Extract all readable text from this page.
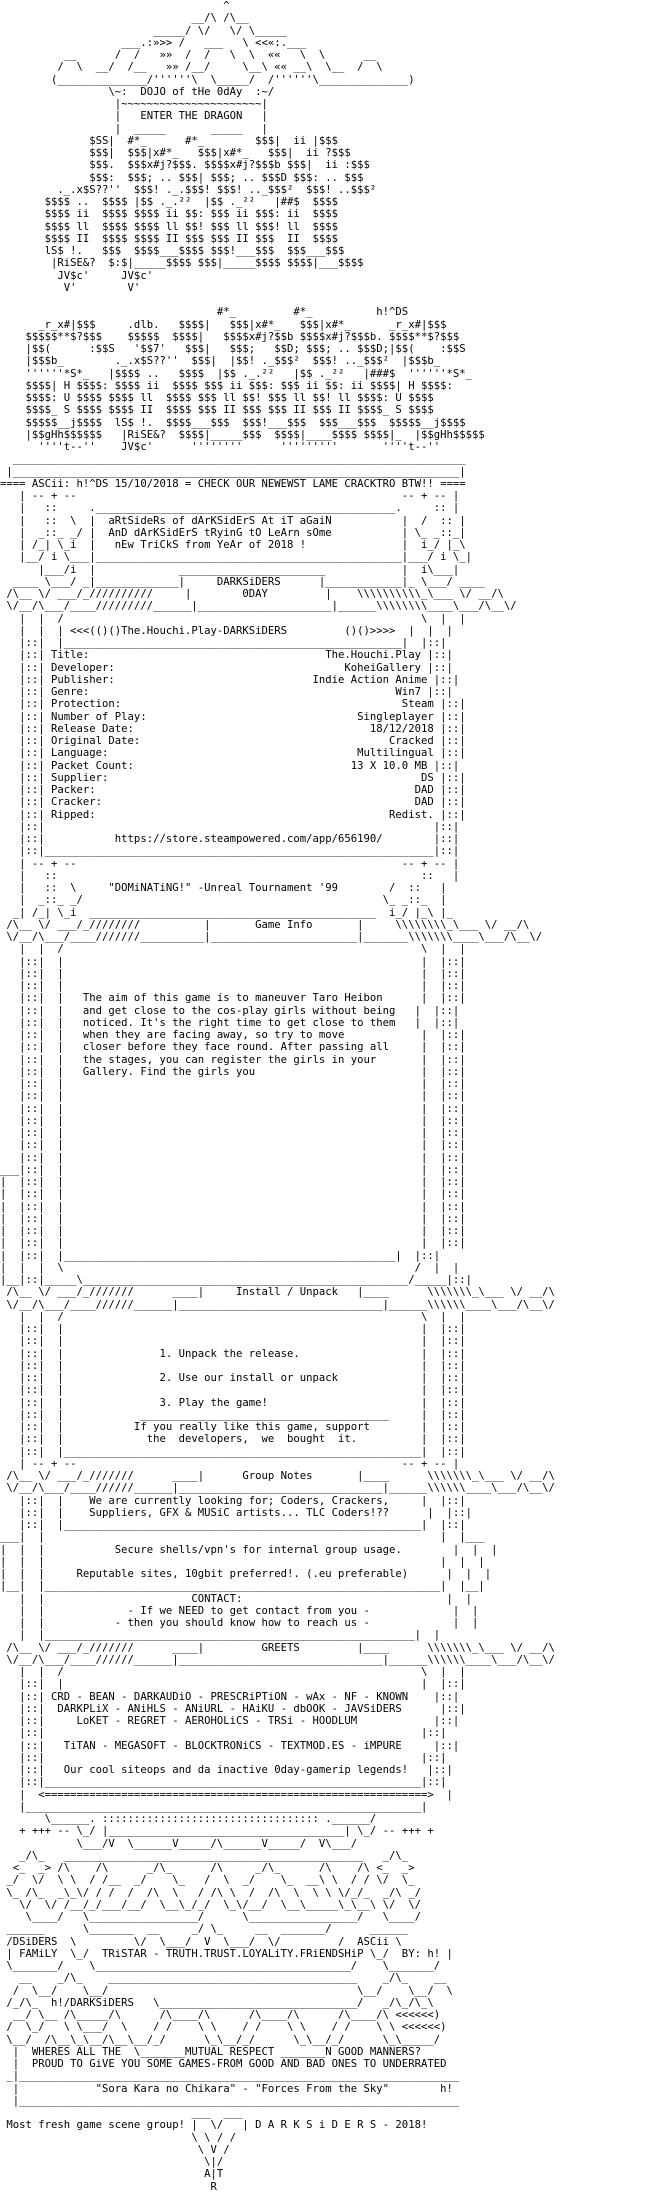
^
__/\ /\__
_____/ \/   \/ \_____
___.:»>> /   ___   \ <<«:.___
__      /  /   »»  /  /   \  \  ««   \  \      __
/  \  __/  /__   »» /__/     \__\ «« __\  \__  /  \
(______________/''''''\  \_____/  /''''''\______________)
\~:  DOJO of tHe 0dAy  :~/
|~~~~~~~~~~~~~~~~~~~~~~|
|   ENTER THE DRAGON   |
|  _____       _____   |
$SS|  #*_      #*_        $$$|  ii |$$$
$$$|  $$$|x#*_   $$$|x#*_   $$$|  ii ?$$$
$$$.  $$$x#j?$$$. $$$$x#j?$$$b $$$|  ii :$$$
$$$:  $$$; .. $$$| $$$; .. $$$D $$$: .. $$$
._.x$S??''  $$$! ._.$$$! $$$! .._$$$²  $$$! ..$$$²
$$$$ ..  $$$$ |$$ ._.²²  |$$ ._²²   |##$  $$$$
$$$$ ii  $$$$ $$$$ ii $$: $$$ ii $$$: ii  $$$$
$$$$ ll  $$$$ $$$$ ll $$! $$$ ll $$$! ll  $$$$
$$$$ II  $$$$ $$$$ II $$$ $$$ II $$$  II  $$$$
lS$ !.   $$$  $$$$___$$$$ $$$!___$$$  $$$___$$$
|RiSE&?  $:$|_____$$$$ $$$|_____$$$$ $$$$|___$$$$
JV$c'     JV$c'
V'        V'
#*_         #*_          h!^DS
_r_x#|$$$     .dlb.   $$$$|   $$$|x#*_   $$$|x#*_      _r_x#|$$$
$$$$$**$?$$$    $$$$$  $$$$|   $$$$x#j?$$b $$$$x#j?$$$b. $$$$**$?$$$
|$$(      :$$S   '$$7'   $$$|   $$$;   $$D; $$$; .. $$$D;|$$(    :$$S
|$$$b_        ._.x$S??''  $$$|  |$$! ._$$$²  $$$! .._$$$²  |$$$b_
''''''*S*_   |$$$$ ..   $$$$  |$$ ._.²²   |$$ ._²²   |###$  ''''''*S*_
$$$$| H $$$$: $$$$ ii  $$$$ $$$ ii $$$: $$$ ii $$: ii $$$$| H $$$$:
$$$$: U $$$$ $$$$ ll  $$$$ $$$ ll $$! $$$ ll $$! ll $$$$: U $$$$
$$$$_ S $$$$ $$$$ II  $$$$ $$$ II $$$ $$$ II $$$ II $$$$_ S $$$$
$$$$$__j$$$$  lS$ !.  $$$$___$$$  $$$!___$$$  $$$___$$$  $$$$$__j$$$$
|$$gHh$$$$$$   |RiSE&?  $$$$|_____$$$  $$$$|____$$$$ $$$$|_  |$$gHh$$$$$
''''t--''    JV$c'      ''''''''      '''''''''       ''''t--''
_______________________________________________________________________
|______________________________________________________________________|
==== ASCii: h!^DS 15/10/2018 = CHECK OUR NEWEWST LAME CRACKTRO BTW!! ====
| -- + --                                                   -- + -- |
|   ::     ._______________________________________________.     :: |
|   ::  \  |  aRtSideRs of dArKSidErS At iT aGaiN           |  /  :: |
|  _::_ _/ |  AnD dArKSidErS tRyinG tO LeArn sOme           | \_ _::_|
| /_| \_i  |   nEw TriCkS from YeAr of 2018 !               |  i_/ |_\
|__/ i \___|________________________________________________|___/ i \_|
|___/i  |             _______________________            |  i\___|
____ \___/ _|_____________|     DARKSiDERS      |____________|_ \___/ ____
/\__ \/ ___/_//////////     |        0DAY         |    \\\\\\\\\\_\___ \/ __/\
\/__/\___/____/////////______|_____________________|______\\\\\\\\____\___/\__\/
|  |  /                                                        \  |  |
|  |  | <<<(()()The.Houchi.Play-DARKSiDERS         ()()>>>>  |  |  |
|::|  |_____________________________________________________|  |::|
|::| Title:                                     The.Houchi.Play |::|
|::| Developer:                                    KoheiGallery |::|
|::| Publisher:                               Indie Action Anime |::|
|::| Genre:                                                Win7 |::|
|::| Protection:                                            Steam |::|
|::| Number of Play:                                 Singleplayer |::|
|::| Release Date:                                     18/12/2018 |::|
|::| Original Date:                                       Cracked |::|
|::| Language:                                       Multilingual |::|
|::| Packet Count:                                  13 X 10.0 MB |::|
|::| Supplier:                                                 DS |::|
|::| Packer:                                                  DAD |::|
|::| Cracker:                                                 DAD |::|
|::| Ripped:                                              Redist. |::|
|::|                                                             |::|
|::|           https://store.steampowered.com/app/656190/        |::|
|::|_____________________________________________________________|::|
| -- + --                                                   -- + -- |
|   ::                                                         ::   |
|   ::  \     "DOMiNATiNG!" -Unreal Tournament '99        /  ::   |
|  _::_ _/                                               \_ _::_  |
_| /_| \_i  _____________________________________________  i_/ |_\ |_
/\__ \/ ___/_////////          |       Game Info       |     \\\\\\\\_\___ \/ __/\
\/__/\___/____///////__________|_______________________|_______\\\\\\\____\___/\__\/
|  |  /                                                        \  |  |
|::|  |                                                        |  |::|
|::|  |                                                        |  |::|
|::|  |                                                        |  |::|
|::|  |   The aim of this game is to maneuver Taro Heibon      |  |::|
|::|  |   and get close to the cos-play girls without being   |  |::|
|::|  |   noticed. It's the right time to get close to them   |  |::|
|::|  |   when they are facing away, so try to move            |  |::|
|::|  |   closer before they face round. After passing all     |  |::|
|::|  |   the stages, you can register the girls in your       |  |::|
|::|  |   Gallery. Find the girls you                          |  |::|
|::|  |                                                        |  |::|
|::|  |                                                        |  |::|
|::|  |                                                        |  |::|
|::|  |                                                        |  |::|
|::|  |                                                        |  |::|
|::|  |                                                        |  |::|
|::|  |                                                        |  |::|
___|::|  |                                                        |  |::|
|  |::|  |                                                        |  |::|
|  |::|  |                                                        |  |::|
|  |::|  |                                                        |  |::|
|  |::|  |                                                        |  |::|
|  |::|  |                                                        |  |::|
|  |::|  |                                                        |  |::|
|  |::|  |____________________________________________________|  |::|
|  |  |  \                                                       /  |  |
|__|::|_____\___________________________________________________/_____|::|
/\__ \/ ___/_///////      ____|     Install / Unpack   |____      \\\\\\\_\___ \/ __/\
\/__/\___/____//////______|________________________________|______\\\\\\____\___/\__\/
|  |  /                                                        \  |  |
|::|  |                                                        |  |::|
|::|  |                                                        |  |::|
|::|  |               1. Unpack the release.                   |  |::|
|::|  |                                                        |  |::|
|::|  |               2. Use our install or unpack             |  |::|
|::|  |                                                        |  |::|
|::|  |               3. Play the game!                        |  |::|
|::|  |            _______________________________________     |  |::|
|::|  |           If you really like this game, support        |  |::|
|::|  |             the  developers,  we  bought  it.          |  |::|
|::|  |________________________________________________________|  |::|
| -- + --                                                   -- + -- |
/\__ \/ ___/_///////      ____|      Group Notes       |____      \\\\\\\_\___ \/ __/\
\/__/\___/____//////______|________________________________|______\\\\\\____\___/\__\/
|::|  |    We are currently looking for; Coders, Crackers,     |  |::|
|::|  |    Suppliers, GFX & MUSiC artists... TLC Coders!??      |  |::|
|::|  |________________________________________________________|  |::|
___|  |                                                              |  |___
|  |  |           Secure shells/vpn's for internal group usage.        |  |  |
|  |  |                                                              |  |  |
|  |  |     Reputable sites, 10gbit preferred!. (.eu preferable)      |  |  |
|__|  |______________________________________________________________|  |__|
|  |                       CONTACT:                                |  |
|  |             - If we NEED to get contact from you -             |  |
|  |           - then you should know how to reach us -             |  |
|  |__________________________________________________________|  |
/\__ \/ ___/_///////      ____|         GREETS         |____      \\\\\\\_\___ \/ __/\
\/__/\___/____//////______|________________________________|______\\\\\\____\___/\__\/
|  |  /                                                        \  |  |
|::|  |                                                        |  |::|
|::| CRD - BEAN - DARKAUDiO - PRESCRiPTiON - wAx - NF - KNOWN    |::|
|::|  DARKPLiX - ANiHLS - ANiURL - HAiKU - dbOOK - JAVSiDERS      |::|
|::|     LoKET - REGRET - AEROHOLiCS - TRSi - HOODLUM            |::|
|::|                                                           |::|
|::|   TiTAN - MEGASOFT - BLOCKTRONiCS - TEXTMOD.ES - iMPURE     |::|
|::|                                                           |::|
|::|   Our cool siteops and da inactive 0day-gamerip legends!   |::|
|::|___________________________________________________________|::|
|  <============================================================>  |
|______________________________________________________________|
\______. :::::::::::::::::::::::::::::::::: .______/
+ +++ -- \_/ |_____________________________________| \_/ -- +++ +
\___/V  \______V_____/\______V_____/  V\___/
_/\_   _______________________________________________   _/\_
<_  _> /\    /\      _/\_      /\     _/\_      /\    /\ <_  _>
_/  \/  \ \  / /__  _/    \_   /  \  _/    \_  __\ \  / / \/  \_
\_ /\_  _\_\/ / /  /  /\  \   / /\ \  /  /\  \  \ \ \/_/_  _/\ _/
\/  \/ /__/_/___/__/  \__\_/_/  \_\/__/  \__\_____\_\__\ \/  \/
\____/   \_________________/      \_________________/   \____/
______      \_______  __     _/ \_     __  _______/      ______
/DSiDERS  \         \/  \___/  V  \___/  \/         /  ASCii \
| FAMiLY  \_/  TRiSTAR - TRUTH.TRUST.LOYALiTY.FRiENDSHiP \_/  BY: h! |
\_______/    \________________________________________/    \_______/
__    _/\_    _______________________________________    _/\_    __
/  \__/    \__/                                       \__/    \__/  \
/_/\_  h!/DARKSiDERS   \_______________________________/   _/\_/\_\
__/ \__ /\_____/\      /\____/\      /\____/\      /\____/\ <<<<<<)
/  \_/   \ \___/  \    / /    \ \    / /    \ \    / /    \ \ <<<<<<)
\__/  /\__\_\__/\__\__/_/      \_\__/_/      \_\__/_/      \_\_____/
|  WHERES ALL THE  \_______MUTUAL RESPECT _______N GOOD MANNERS?
|  PROUD TO GiVE YOU SOME GAMES-FROM GOOD AND BAD ONES TO UNDERRATED
_|_____________________________________________________________________
|            "Sora Kara no Chikara" - "Forces From the Sky"        h!
|_____________________________________________________________________
___  ___
Most fresh game scene group! |  \/   | D A R K S i D E R S - 2018!
\ \ / /
\ V /
\|/
A|T
R
